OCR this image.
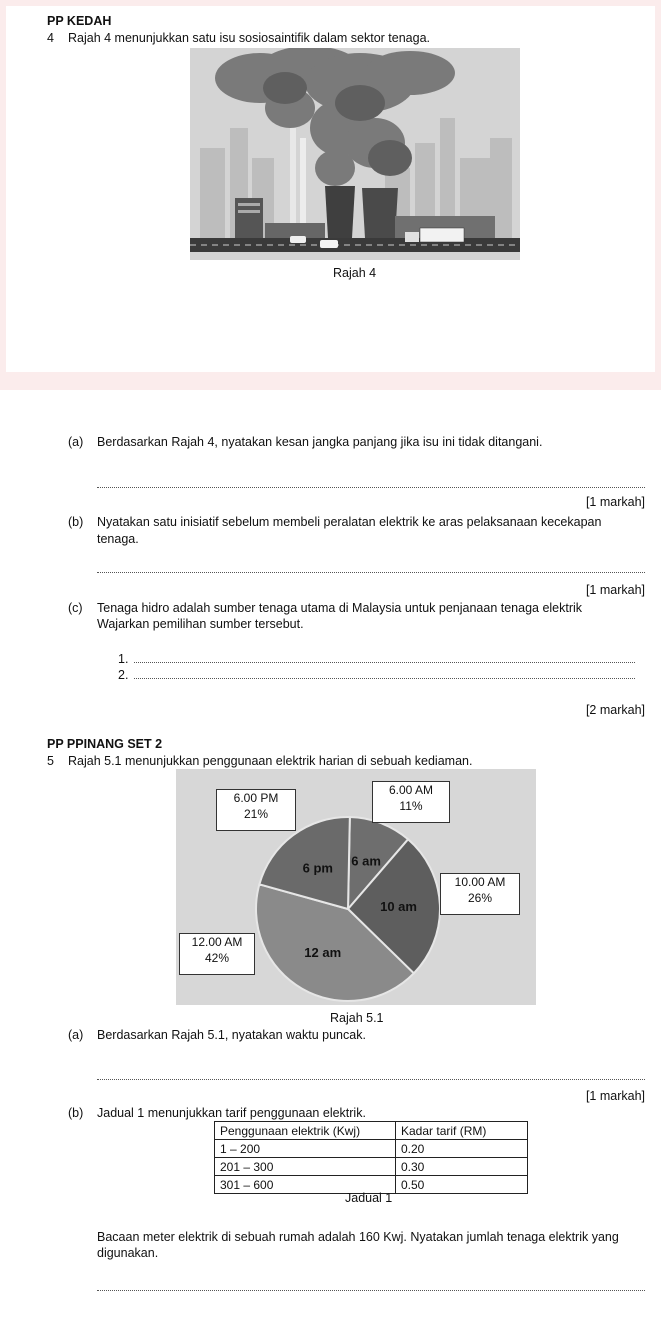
PP KEDAH
4 Rajah 4 menunjukkan satu isu sosiosaintifik dalam sektor tenaga.
Rajah 4
(a) Berdasarkan Rajah 4, nyatakan kesan jangka panjang jika isu ini tidak ditangani.
[1 markah]
(b) Nyatakan satu inisiatif sebelum membeli peralatan elektrik ke aras pelaksanaan kecekapan
tenaga.
[1 markah]
(c) Tenaga hidro adalah sumber tenaga utama di Malaysia untuk penjanaan tenaga elektrik
Wajarkan pemilihan sumber tersebut.
1.
2.
[2 markah]
PP PPINANG SET 2
5 Rajah 5.1 menunjukkan penggunaan elektrik harian di sebuah kediaman.
6 am
10 am
12 am
6 pm
6.00 PM
21%
6.00 AM
11%
10.00 AM
26%
12.00 AM
42%
Rajah 5.1
(a) Berdasarkan Rajah 5.1, nyatakan waktu puncak.
[1 markah]
(b) Jadual 1 menunjukkan tarif penggunaan elektrik.
Penggunaan elektrik (Kwj)	Kadar tarif (RM)
1 – 200	0.20
201 – 300	0.30
301 – 600	0.50
Jadual 1
Bacaan meter elektrik di sebuah rumah adalah 160 Kwj. Nyatakan jumlah tenaga elektrik yang
digunakan.
